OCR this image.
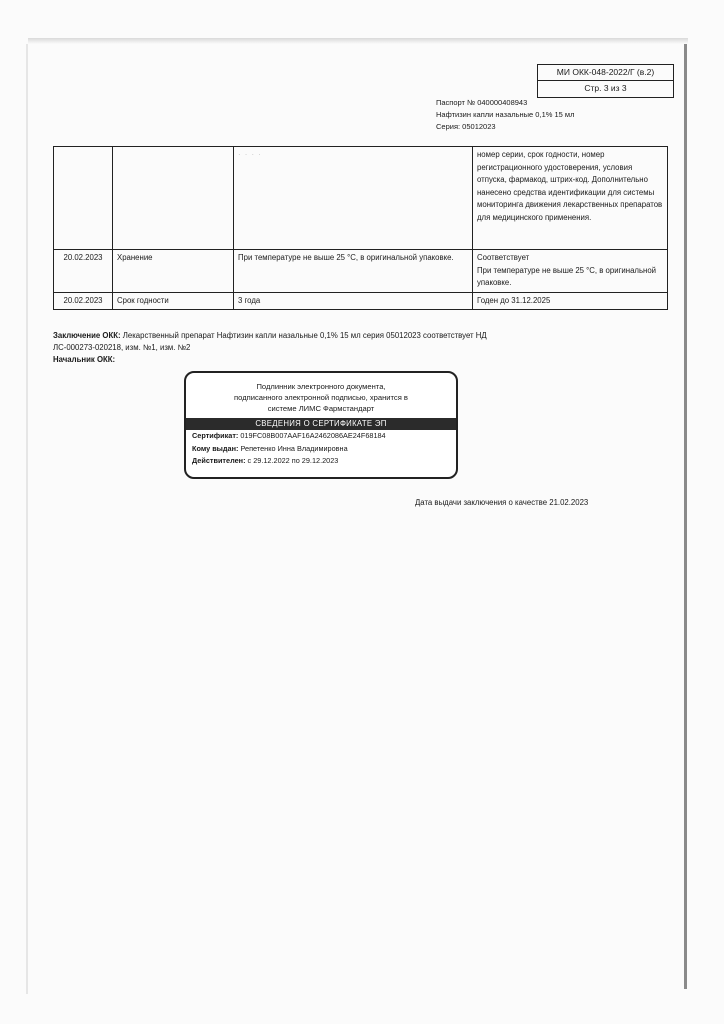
МИ ОКК-048-2022/Г (в.2)
Стр. 3 из 3
Паспорт № 040000408943
Нафтизин капли назальные 0,1% 15 мл
Серия: 05012023
		· · · ·	номер серии, срок годности, номер регистрационного удостоверения, условия отпуска, фармакод, штрих-код. Дополнительно нанесено средства идентификации для системы мониторинга движения лекарственных препаратов для медицинского применения.
20.02.2023	Хранение	При температуре не выше 25 °С, в оригинальной упаковке.	Соответствует
При температуре не выше 25 °С, в оригинальной упаковке.

20.02.2023	Срок годности	3 года	Годен до 31.12.2025
Заключение ОКК: Лекарственный препарат Нафтизин капли назальные 0,1% 15 мл серия 05012023 соответствует НД
ЛС-000273-020218, изм. №1, изм. №2
Начальник ОКК:
Подлинник электронного документа,
подписанного электронной подписью, хранится в
системе ЛИМС Фармстандарт
СВЕДЕНИЯ О СЕРТИФИКАТЕ ЭП
Сертификат: 019FC08B007AAF16A2462086AE24F68184
Кому выдан: Репетенко Инна Владимировна
Действителен: с 29.12.2022 по 29.12.2023
Дата выдачи заключения о качестве 21.02.2023
